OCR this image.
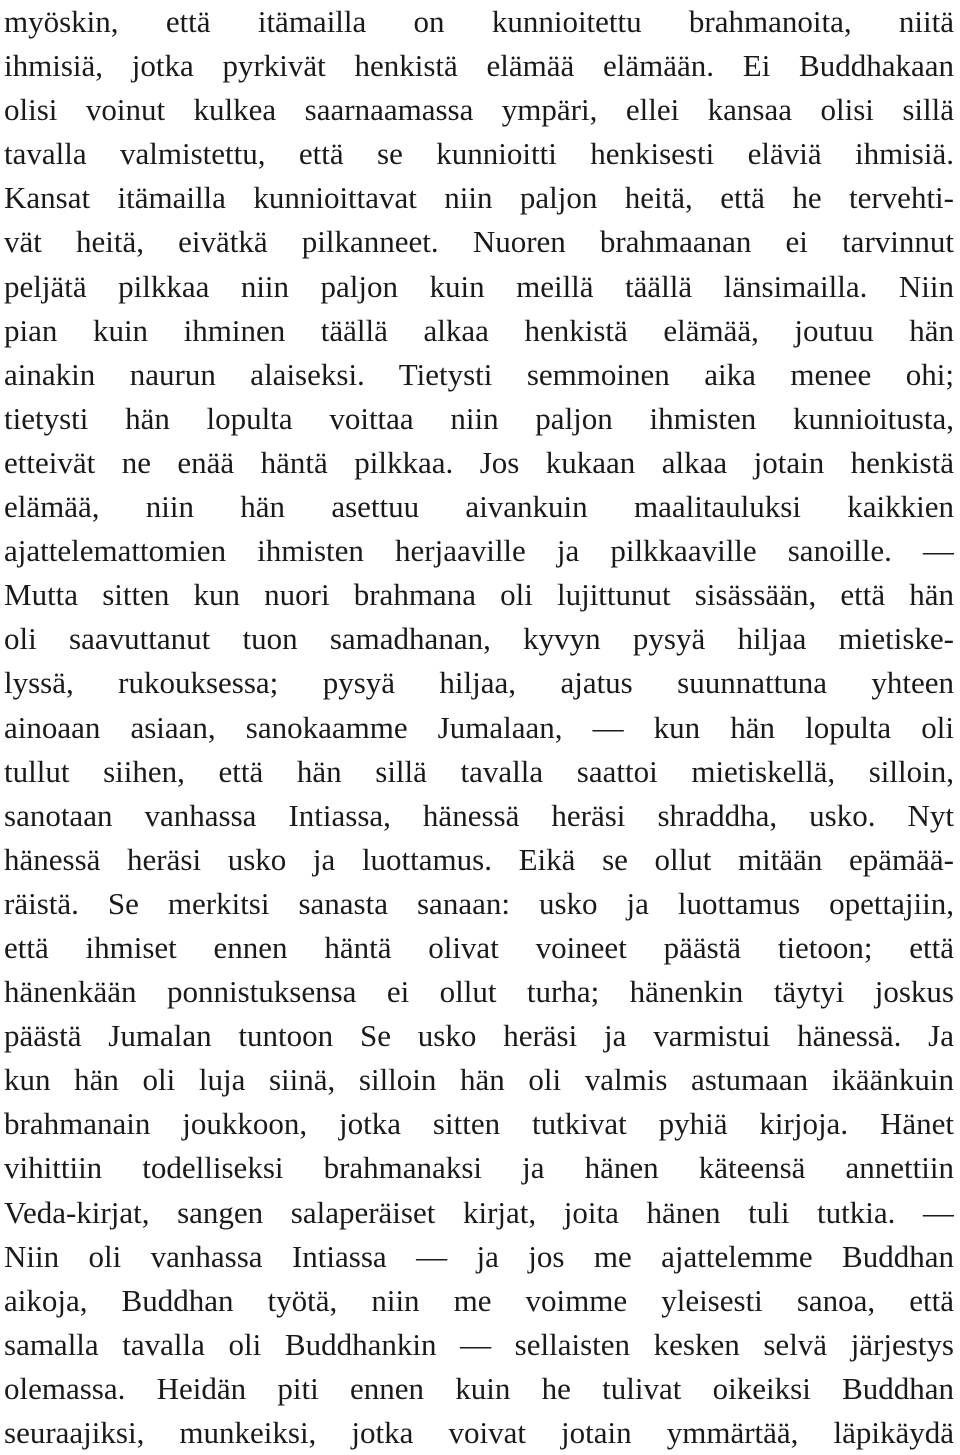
myöskin, että itämailla on kunnioitettu brahmanoita, niitä
ihmisiä, jotka pyrkivät henkistä elämää elämään. Ei Buddhakaan
olisi voinut kulkea saarnaamassa ympäri, ellei kansaa olisi sillä
tavalla valmistettu, että se kunnioitti henkisesti eläviä ihmisiä.
Kansat itämailla kunnioittavat niin paljon heitä, että he tervehti-
vät heitä, eivätkä pilkanneet. Nuoren brahmaanan ei tarvinnut
peljätä pilkkaa niin paljon kuin meillä täällä länsimailla. Niin
pian kuin ihminen täällä alkaa henkistä elämää, joutuu hän
ainakin naurun alaiseksi. Tietysti semmoinen aika menee ohi;
tietysti hän lopulta voittaa niin paljon ihmisten kunnioitusta,
etteivät ne enää häntä pilkkaa. Jos kukaan alkaa jotain henkistä
elämää, niin hän asettuu aivankuin maalitauluksi kaikkien
ajattelemattomien ihmisten herjaaville ja pilkkaaville sanoille. —
Mutta sitten kun nuori brahmana oli lujittunut sisässään, että hän
oli saavuttanut tuon samadhanan, kyvyn pysyä hiljaa mietiske-
lyssä, rukouksessa; pysyä hiljaa, ajatus suunnattuna yhteen
ainoaan asiaan, sanokaamme Jumalaan, — kun hän lopulta oli
tullut siihen, että hän sillä tavalla saattoi mietiskellä, silloin,
sanotaan vanhassa Intiassa, hänessä heräsi shraddha, usko. Nyt
hänessä heräsi usko ja luottamus. Eikä se ollut mitään epämää-
räistä. Se merkitsi sanasta sanaan: usko ja luottamus opettajiin,
että ihmiset ennen häntä olivat voineet päästä tietoon; että
hänenkään ponnistuksensa ei ollut turha; hänenkin täytyi joskus
päästä Jumalan tuntoon Se usko heräsi ja varmistui hänessä. Ja
kun hän oli luja siinä, silloin hän oli valmis astumaan ikäänkuin
brahmanain joukkoon, jotka sitten tutkivat pyhiä kirjoja. Hänet
vihittiin todelliseksi brahmanaksi ja hänen käteensä annettiin
Veda-kirjat, sangen salaperäiset kirjat, joita hänen tuli tutkia. —
Niin oli vanhassa Intiassa — ja jos me ajattelemme Buddhan
aikoja, Buddhan työtä, niin me voimme yleisesti sanoa, että
samalla tavalla oli Buddhankin — sellaisten kesken selvä järjestys
olemassa. Heidän piti ennen kuin he tulivat oikeiksi Buddhan
seuraajiksi, munkeiksi, jotka voivat jotain ymmärtää, läpikäydä
